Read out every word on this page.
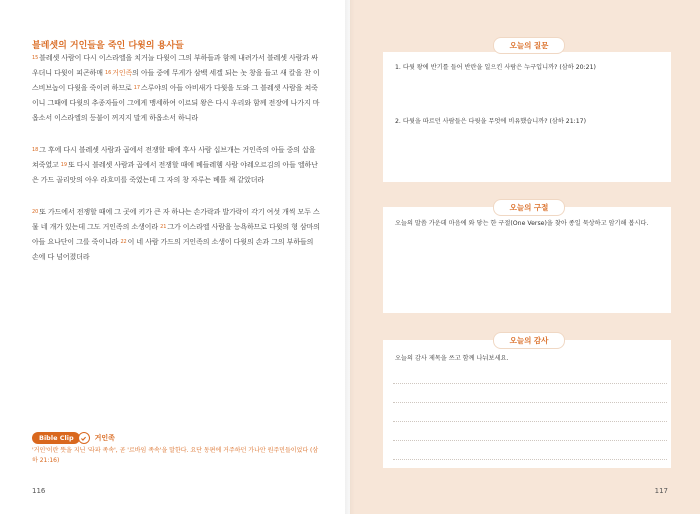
블레셋의 거인들을 죽인 다윗의 용사들
$^{15}$블레셋 사람이 다시 이스라엘을 치거늘 다윗이 그의 부하들과 함께 내려가서 블레셋 사람과 싸우더니 다윗이 피곤하매 $^{16}$거인족의 아들 중에 무게가 삼백 세겔 되는 놋 창을 들고 새 칼을 찬 이스비브놉이 다윗을 죽이려 하므로 $^{17}$스루야의 아들 아비새가 다윗을 도와 그 블레셋 사람을 쳐죽이니 그때에 다윗의 추종자들이 그에게 맹세하여 이르되 왕은 다시 우리와 함께 전장에 나가지 마옵소서 이스라엘의 등불이 꺼지지 말게 하옵소서 하니라
$^{18}$그 후에 다시 블레셋 사람과 곱에서 전쟁할 때에 후사 사람 십브개는 거인족의 아들 중의 삽을 쳐죽였고 $^{19}$또 다시 블레셋 사람과 곱에서 전쟁할 때에 베들레헴 사람 야레오르김의 아들 엘하난은 가드 골리앗의 아우 라흐미를 죽였는데 그 자의 창 자루는 베틀 채 같았더라
$^{20}$또 가드에서 전쟁할 때에 그 곳에 키가 큰 자 하나는 손가락과 발가락이 각기 여섯 개씩 모두 스물 네 개가 있는데 그도 거인족의 소생이라 $^{21}$그가 이스라엘 사람을 능욕하므로 다윗의 형 삼마의 아들 요나단이 그를 죽이니라 $^{22}$이 네 사람 가드의 거인족의 소생이 다윗의 손과 그의 부하들의 손에 다 넘어졌더라
Bible Clip	거인족
'거인'이란 뜻을 지닌 '라파 족속', 곧 '르바임 족속'을 말한다. 요단 동편에 거주하던 가나안 원주민들이었다 (삼하 21:16)
116	117
오늘의 질문
1. 다윗 왕에 반기를 들어 반란을 일으킨 사람은 누구입니까? (삼하 20:21)
2. 다윗을 따르던 사람들은 다윗을 무엇에 비유했습니까? (삼하 21:17)
오늘의 구절
오늘의 말씀 가운데 마음에 와 닿는 한 구절(One Verse)을 찾아 종일 묵상하고 암기해 봅시다.
오늘의 감사
오늘의 감사 제목을 쓰고 함께 나눠보세요.
